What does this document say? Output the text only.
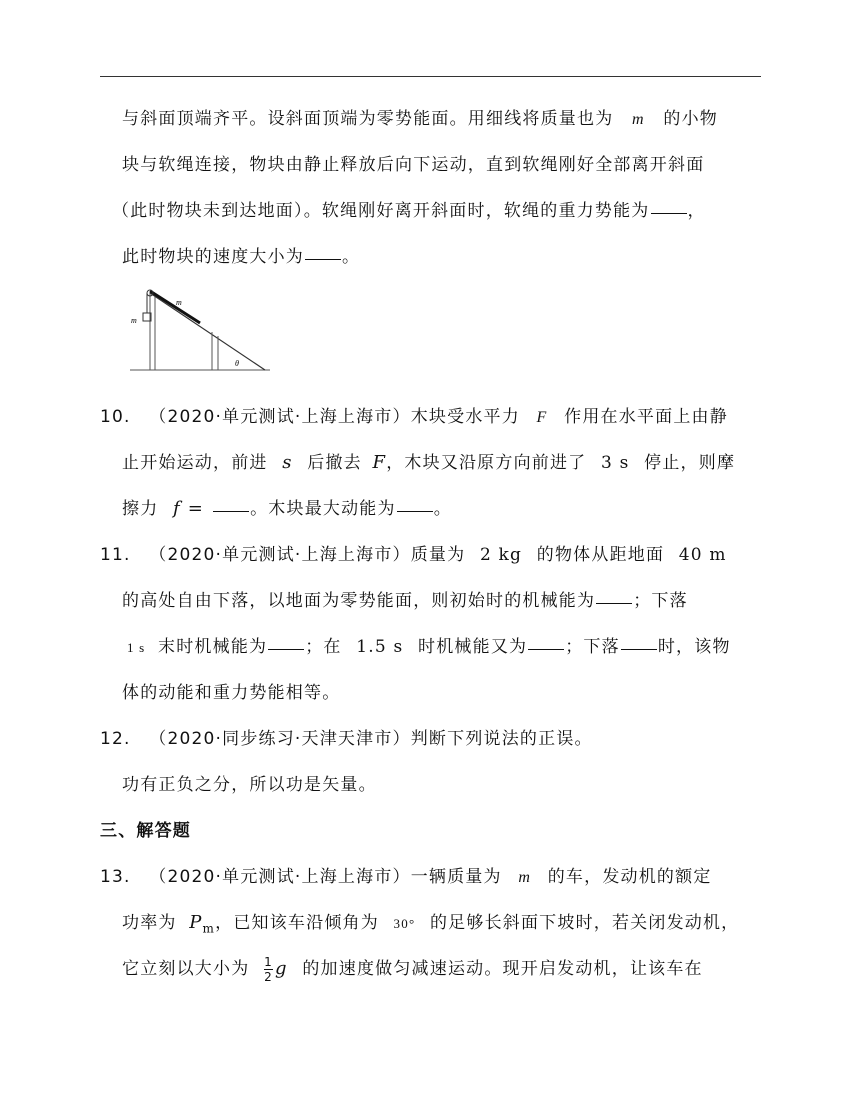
与斜面顶端齐平。设斜面顶端为零势能面。用细线将质量也为 m 的小物
块与软绳连接，物块由静止释放后向下运动，直到软绳刚好全部离开斜面
（此时物块未到达地面）。软绳刚好离开斜面时，软绳的重力势能为 ，
此时物块的速度大小为 。
m
m
θ
10. （2020·单元测试·上海上海市）木块受水平力 F 作用在水平面上由静
止开始运动，前进 s 后撤去 F，木块又沿原方向前进了 3 s 停止，则摩
擦力 f =	。木块最大动能为 。
11. （2020·单元测试·上海上海市）质量为 2 kg 的物体从距地面 40 m
的高处自由下落，以地面为零势能面，则初始时的机械能为 ；下落
1 s 末时机械能为 ；在 1.5 s 时机械能又为 ；下落 时，该物
体的动能和重力势能相等。
12. （2020·同步练习·天津天津市）判断下列说法的正误。
功有正负之分，所以功是矢量。
三、解答题
13. （2020·单元测试·上海上海市）一辆质量为 m 的车，发动机的额定
功率为 $P_m$，已知该车沿倾角为 30° 的足够长斜面下坡时，若关闭发动机，
它立刻以大小为 $\frac{1}{2}$ g 的加速度做匀减速运动。现开启发动机，让该车在
